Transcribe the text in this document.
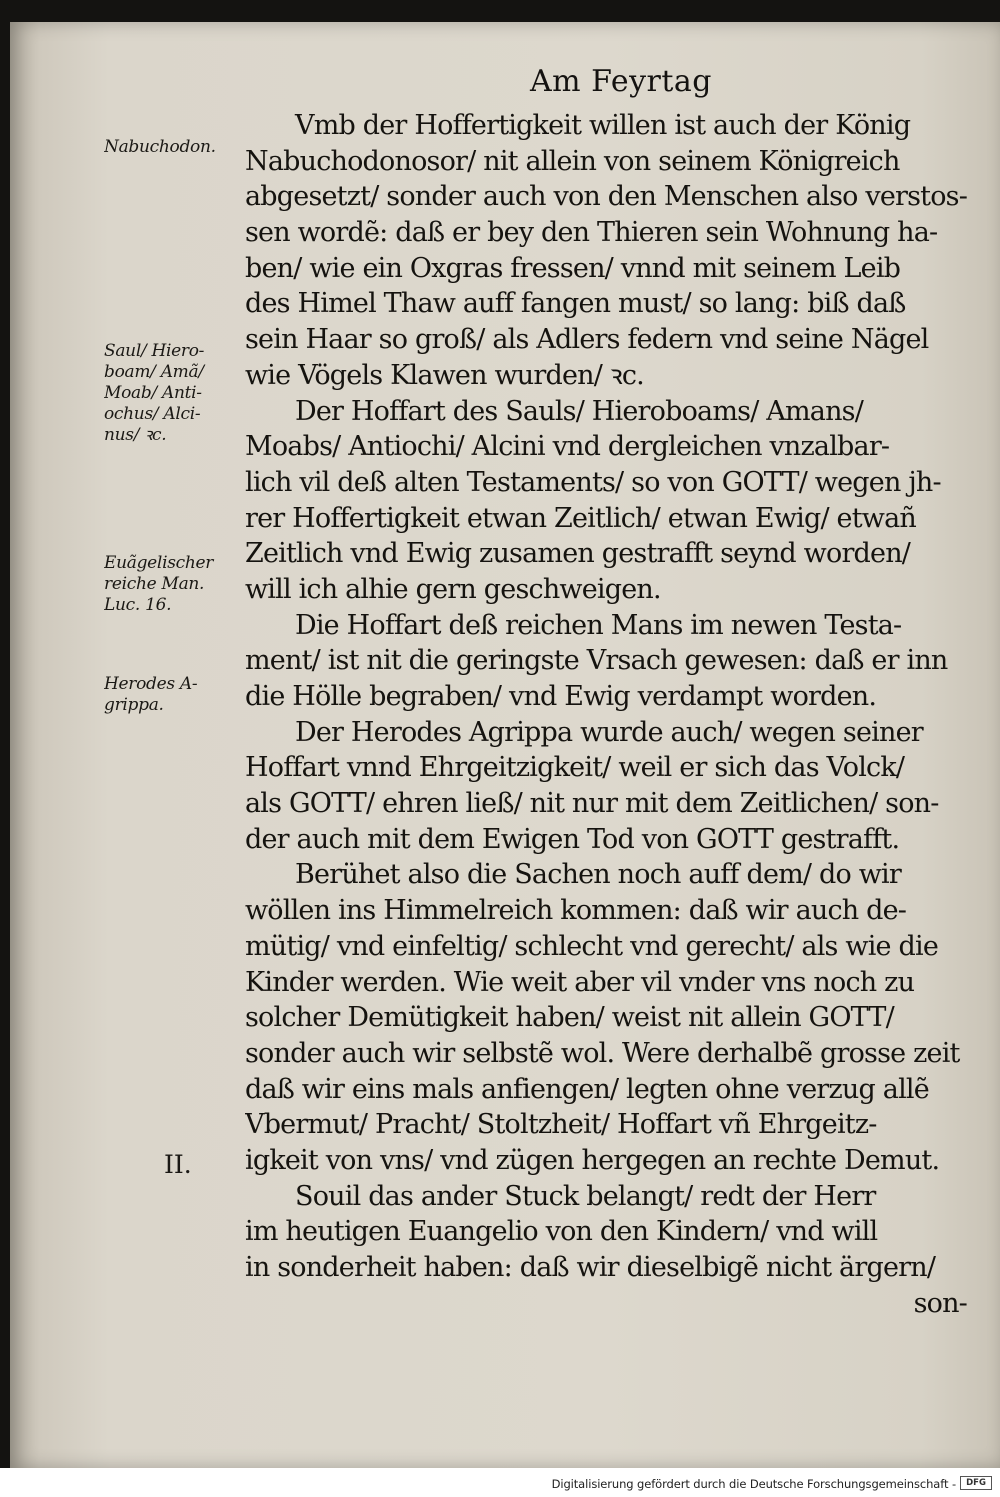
Am Feyrtag
Vmb der Hoffertigkeit willen ist auch der König
Nabuchodonosor/ nit allein von seinem Königreich
abgesetzt/ sonder auch von den Menschen also verstos-
sen wordẽ: daß er bey den Thieren sein Wohnung ha-
ben/ wie ein Oxgras fressen/ vnnd mit seinem Leib
des Himel Thaw auff fangen must/ so lang: biß daß
sein Haar so groß/ als Adlers federn vnd seine Nägel
wie Vögels Klawen wurden/ ꝛc.
Der Hoffart des Sauls/ Hieroboams/ Amans/
Moabs/ Antiochi/ Alcini vnd dergleichen vnzalbar-
lich vil deß alten Testaments/ so von GOTT/ wegen jh-
rer Hoffertigkeit etwan Zeitlich/ etwan Ewig/ etwañ
Zeitlich vnd Ewig zusamen gestrafft seynd worden/
will ich alhie gern geschweigen.
Die Hoffart deß reichen Mans im newen Testa-
ment/ ist nit die geringste Vrsach gewesen: daß er inn
die Hölle begraben/ vnd Ewig verdampt worden.
Der Herodes Agrippa wurde auch/ wegen seiner
Hoffart vnnd Ehrgeitzigkeit/ weil er sich das Volck/
als GOTT/ ehren ließ/ nit nur mit dem Zeitlichen/ son-
der auch mit dem Ewigen Tod von GOTT gestrafft.
Berühet also die Sachen noch auff dem/ do wir
wöllen ins Himmelreich kommen: daß wir auch de-
mütig/ vnd einfeltig/ schlecht vnd gerecht/ als wie die
Kinder werden. Wie weit aber vil vnder vns noch zu
solcher Demütigkeit haben/ weist nit allein GOTT/
sonder auch wir selbstẽ wol. Were derhalbẽ grosse zeit
daß wir eins mals anfiengen/ legten ohne verzug allẽ
Vbermut/ Pracht/ Stoltzheit/ Hoffart vñ Ehrgeitz-
igkeit von vns/ vnd zügen hergegen an rechte Demut.
Souil das ander Stuck belangt/ redt der Herr
im heutigen Euangelio von den Kindern/ vnd will
in sonderheit haben: daß wir dieselbigẽ nicht ärgern/
son-
Nabuchodon.
Saul/ Hiero-
boam/ Amã/
Moab/ Anti-
ochus/ Alci-
nus/ ꝛc.
Euãgelischer
reiche Man.
Luc. 16.
Herodes A-
grippa.
II.
Digitalisierung gefördert durch die Deutsche Forschungsgemeinschaft -	DFG
